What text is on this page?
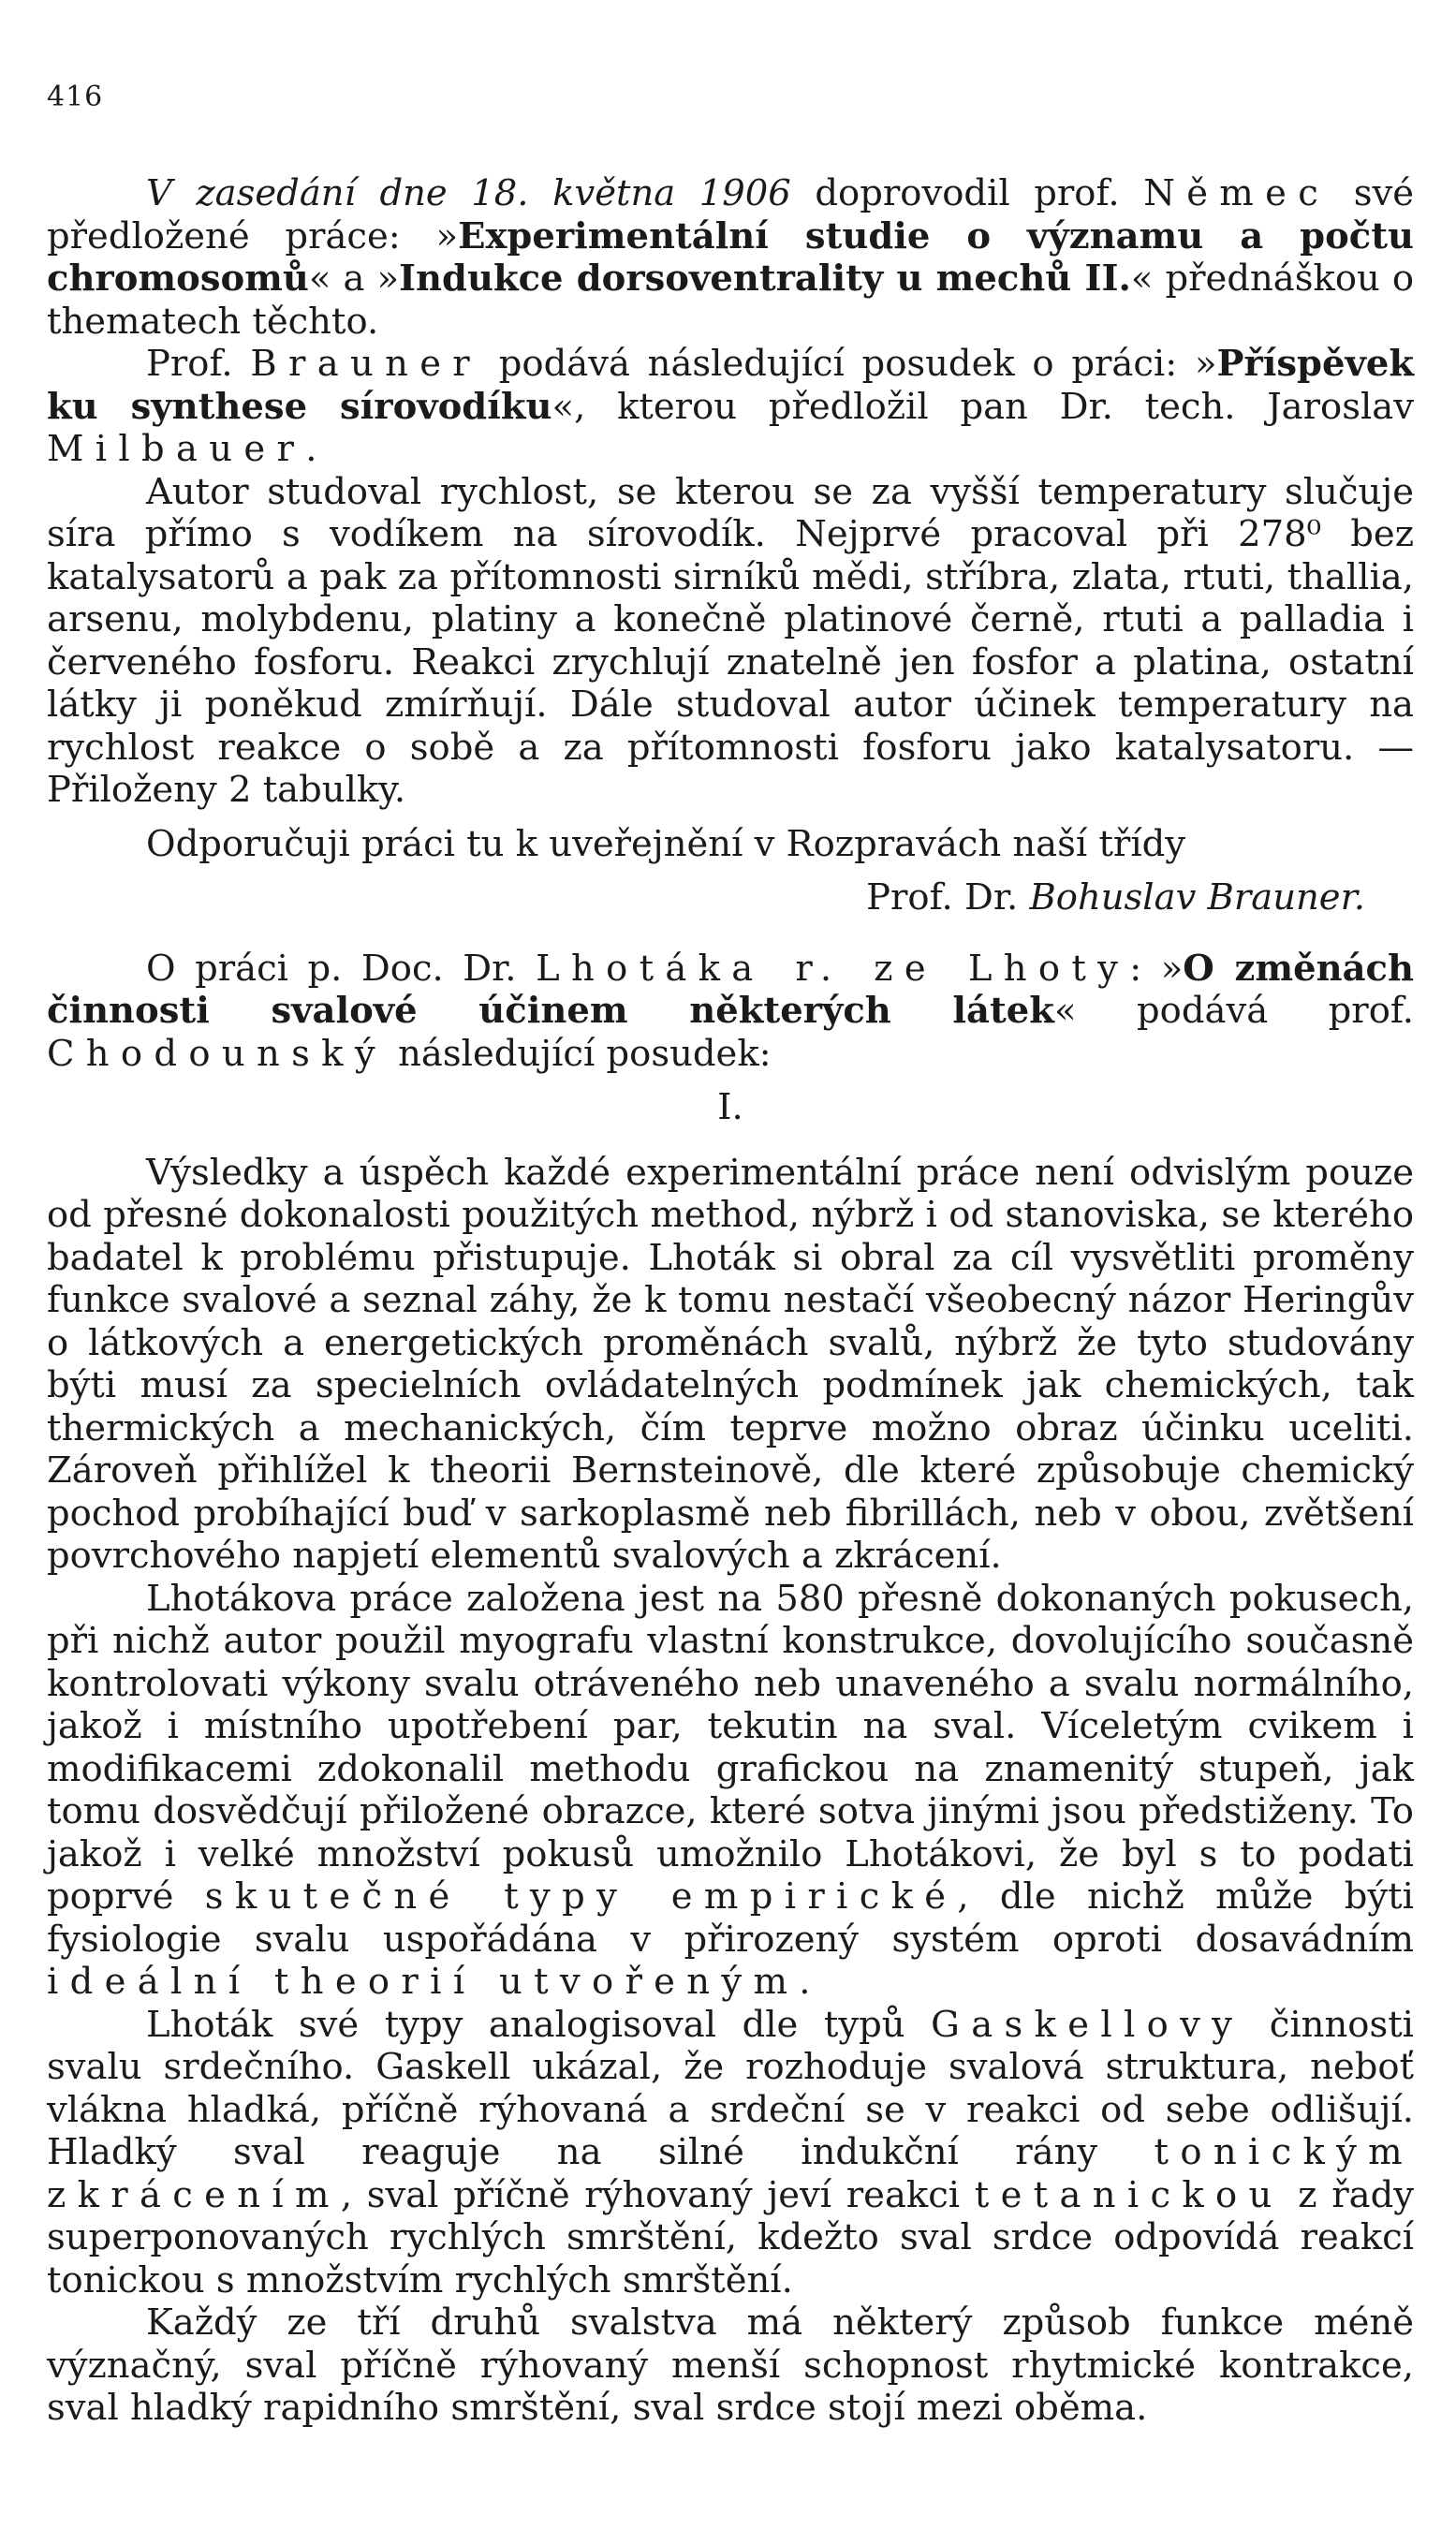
416

V zasedání dne 18. května 1906 doprovodil prof. Němec své předložené práce: »Experimentální studie o významu a počtu chromosomů« a »Indukce dorsoventrality u mechů II.« přednáškou o thematech těchto.

Prof. Brauner podává následující posudek o práci: »Příspěvek ku synthese sírovodíku«, kterou předložil pan Dr. tech. Jaroslav Milbauer.

Autor studoval rychlost, se kterou se za vyšší temperatury slučuje síra přímo s vodíkem na sírovodík. Nejprvé pracoval při 278⁰ bez katalysatorů a pak za přítomnosti sirníků mědi, stříbra, zlata, rtuti, thallia, arsenu, molybdenu, platiny a konečně platinové černě, rtuti a palladia i červeného fosforu. Reakci zrychlují znatelně jen fosfor a platina, ostatní látky ji poněkud zmírňují. Dále studoval autor účinek temperatury na rychlost reakce o sobě a za přítomnosti fosforu jako katalysatoru. — Přiloženy 2 tabulky.

Odporučuji práci tu k uveřejnění v Rozpravách naší třídy

Prof. Dr. Bohuslav Brauner.

O práci p. Doc. Dr. Lhotáka r. ze Lhoty: »O změnách činnosti svalové účinem některých látek« podává prof. Chodounský následující posudek:

I.

Výsledky a úspěch každé experimentální práce není odvislým pouze od přesné dokonalosti použitých method, nýbrž i od stanoviska, se kterého badatel k problému přistupuje. Lhoták si obral za cíl vysvětliti proměny funkce svalové a seznal záhy, že k tomu nestačí všeobecný názor Heringův o látkových a energetických proměnách svalů, nýbrž že tyto studovány býti musí za specielních ovládatelných podmínek jak chemických, tak thermických a mechanických, čím teprve možno obraz účinku uceliti. Zároveň přihlížel k theorii Bernsteinově, dle které způsobuje chemický pochod probíhající buď v sarkoplasmě neb fibrillách, neb v obou, zvětšení povrchového napjetí elementů svalových a zkrácení.

Lhotákova práce založena jest na 580 přesně dokonaných pokusech, při nichž autor použil myografu vlastní konstrukce, dovolujícího současně kontrolovati výkony svalu otráveného neb unaveného a svalu normálního, jakož i místního upotřebení par, tekutin na sval. Víceletým cvikem i modifikacemi zdokonalil methodu grafickou na znamenitý stupeň, jak tomu dosvědčují přiložené obrazce, které sotva jinými jsou předstiženy. To jakož i velké množství pokusů umožnilo Lhotákovi, že byl s to podati poprvé skutečné typy empirické, dle nichž může býti fysiologie svalu uspořádána v přirozený systém oproti dosavádním ideální theorií utvořeným.

Lhoták své typy analogisoval dle typů Gaskellovy činnosti svalu srdečního. Gaskell ukázal, že rozhoduje svalová struktura, neboť vlákna hladká, příčně rýhovaná a srdeční se v reakci od sebe odlišují. Hladký sval reaguje na silné indukční rány tonickým zkrácením, sval příčně rýhovaný jeví reakci tetanickou z řady superponovaných rychlých smrštění, kdežto sval srdce odpovídá reakcí tonickou s množstvím rychlých smrštění.

Každý ze tří druhů svalstva má některý způsob funkce méně význačný, sval příčně rýhovaný menší schopnost rhytmické kontrakce, sval hladký rapidního smrštění, sval srdce stojí mezi oběma.
